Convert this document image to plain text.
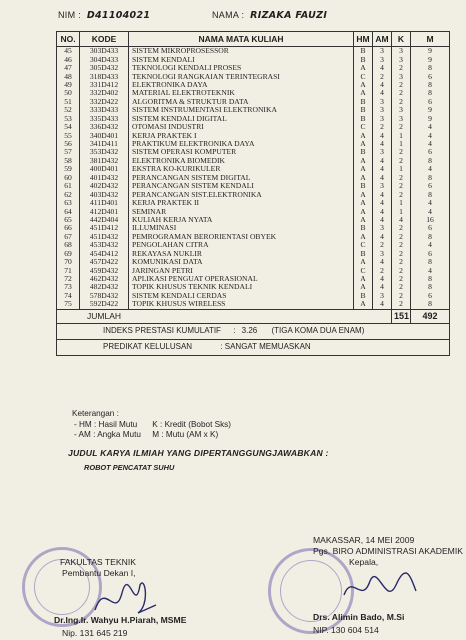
NIM : D41104021	NAMA : RIZAKA FAUZI
NO.	KODE	NAMA MATA KULIAH	HM	AM	K	M
45	303D433	SISTEM MIKROPROSESSOR	B	3	3	9
46	304D433	SISTEM KENDALI	B	3	3	9
47	305D432	TEKNOLOGI KENDALI PROSES	A	4	2	8
48	318D433	TEKNOLOGI RANGKAIAN TERINTEGRASI	C	2	3	6
49	331D412	ELEKTRONIKA DAYA	A	4	2	8
50	332D402	MATERIAL ELEKTROTEKNIK	A	4	2	8
51	332D422	ALGORITMA & STRUKTUR DATA	B	3	2	6
52	333D433	SISTEM INSTRUMENTASI ELEKTRONIKA	B	3	3	9
53	335D433	SISTEM KENDALI DIGITAL	B	3	3	9
54	336D432	OTOMASI INDUSTRI	C	2	2	4
55	340D401	KERJA PRAKTEK I	A	4	1	4
56	341D411	PRAKTIKUM ELEKTRONIKA DAYA	A	4	1	4
57	353D432	SISTEM OPERASI KOMPUTER	B	3	2	6
58	381D432	ELEKTRONIKA BIOMEDIK	A	4	2	8
59	400D401	EKSTRA KO-KURIKULER	A	4	1	4
60	401D432	PERANCANGAN SISTEM DIGITAL	A	4	2	8
61	402D432	PERANCANGAN SISTEM KENDALI	B	3	2	6
62	403D432	PERANCANGAN SIST.ELEKTRONIKA	A	4	2	8
63	411D401	KERJA PRAKTEK II	A	4	1	4
64	412D401	SEMINAR	A	4	1	4
65	442D404	KULIAH KERJA NYATA	A	4	4	16
66	451D412	ILLUMINASI	B	3	2	6
67	451D432	PEMROGRAMAN BERORIENTASI OBYEK	A	4	2	8
68	453D432	PENGOLAHAN CITRA	C	2	2	4
69	454D412	REKAYASA NUKLIR	B	3	2	6
70	457D422	KOMUNIKASI DATA	A	4	2	8
71	459D432	JARINGAN PETRI	C	2	2	4
72	462D432	APLIKASI PENGUAT OPERASIONAL	A	4	2	8
73	482D432	TOPIK KHUSUS TEKNIK KENDALI	A	4	2	8
74	578D432	SISTEM KENDALI CERDAS	B	3	2	6
75	592D422	TOPIK KHUSUS WIRELESS	A	4	2	8
JUMLAH					151	492
INDEKS PRESTASI KUMULATIF : 3.26 (TIGA KOMA DUA ENAM)						
PREDIKAT KELULUSAN : SANGAT MEMUASKAN						
Keterangan :
- HM : Hasil Mutu K : Kredit (Bobot Sks)
- AM : Angka Mutu M : Mutu (AM x K)
JUDUL KARYA ILMIAH YANG DIPERTANGGUNGJAWABKAN :
ROBOT PENCATAT SUHU
FAKULTAS TEKNIK
Pembantu Dekan I,
Dr.Ing.Ir. Wahyu H.Piarah, MSME
Nip. 131 645 219
MAKASSAR, 14 MEI 2009
Pgs. BIRO ADMINISTRASI AKADEMIK
Kepala,
Drs. Alimin Bado, M.Si
NIP. 130 604 514
